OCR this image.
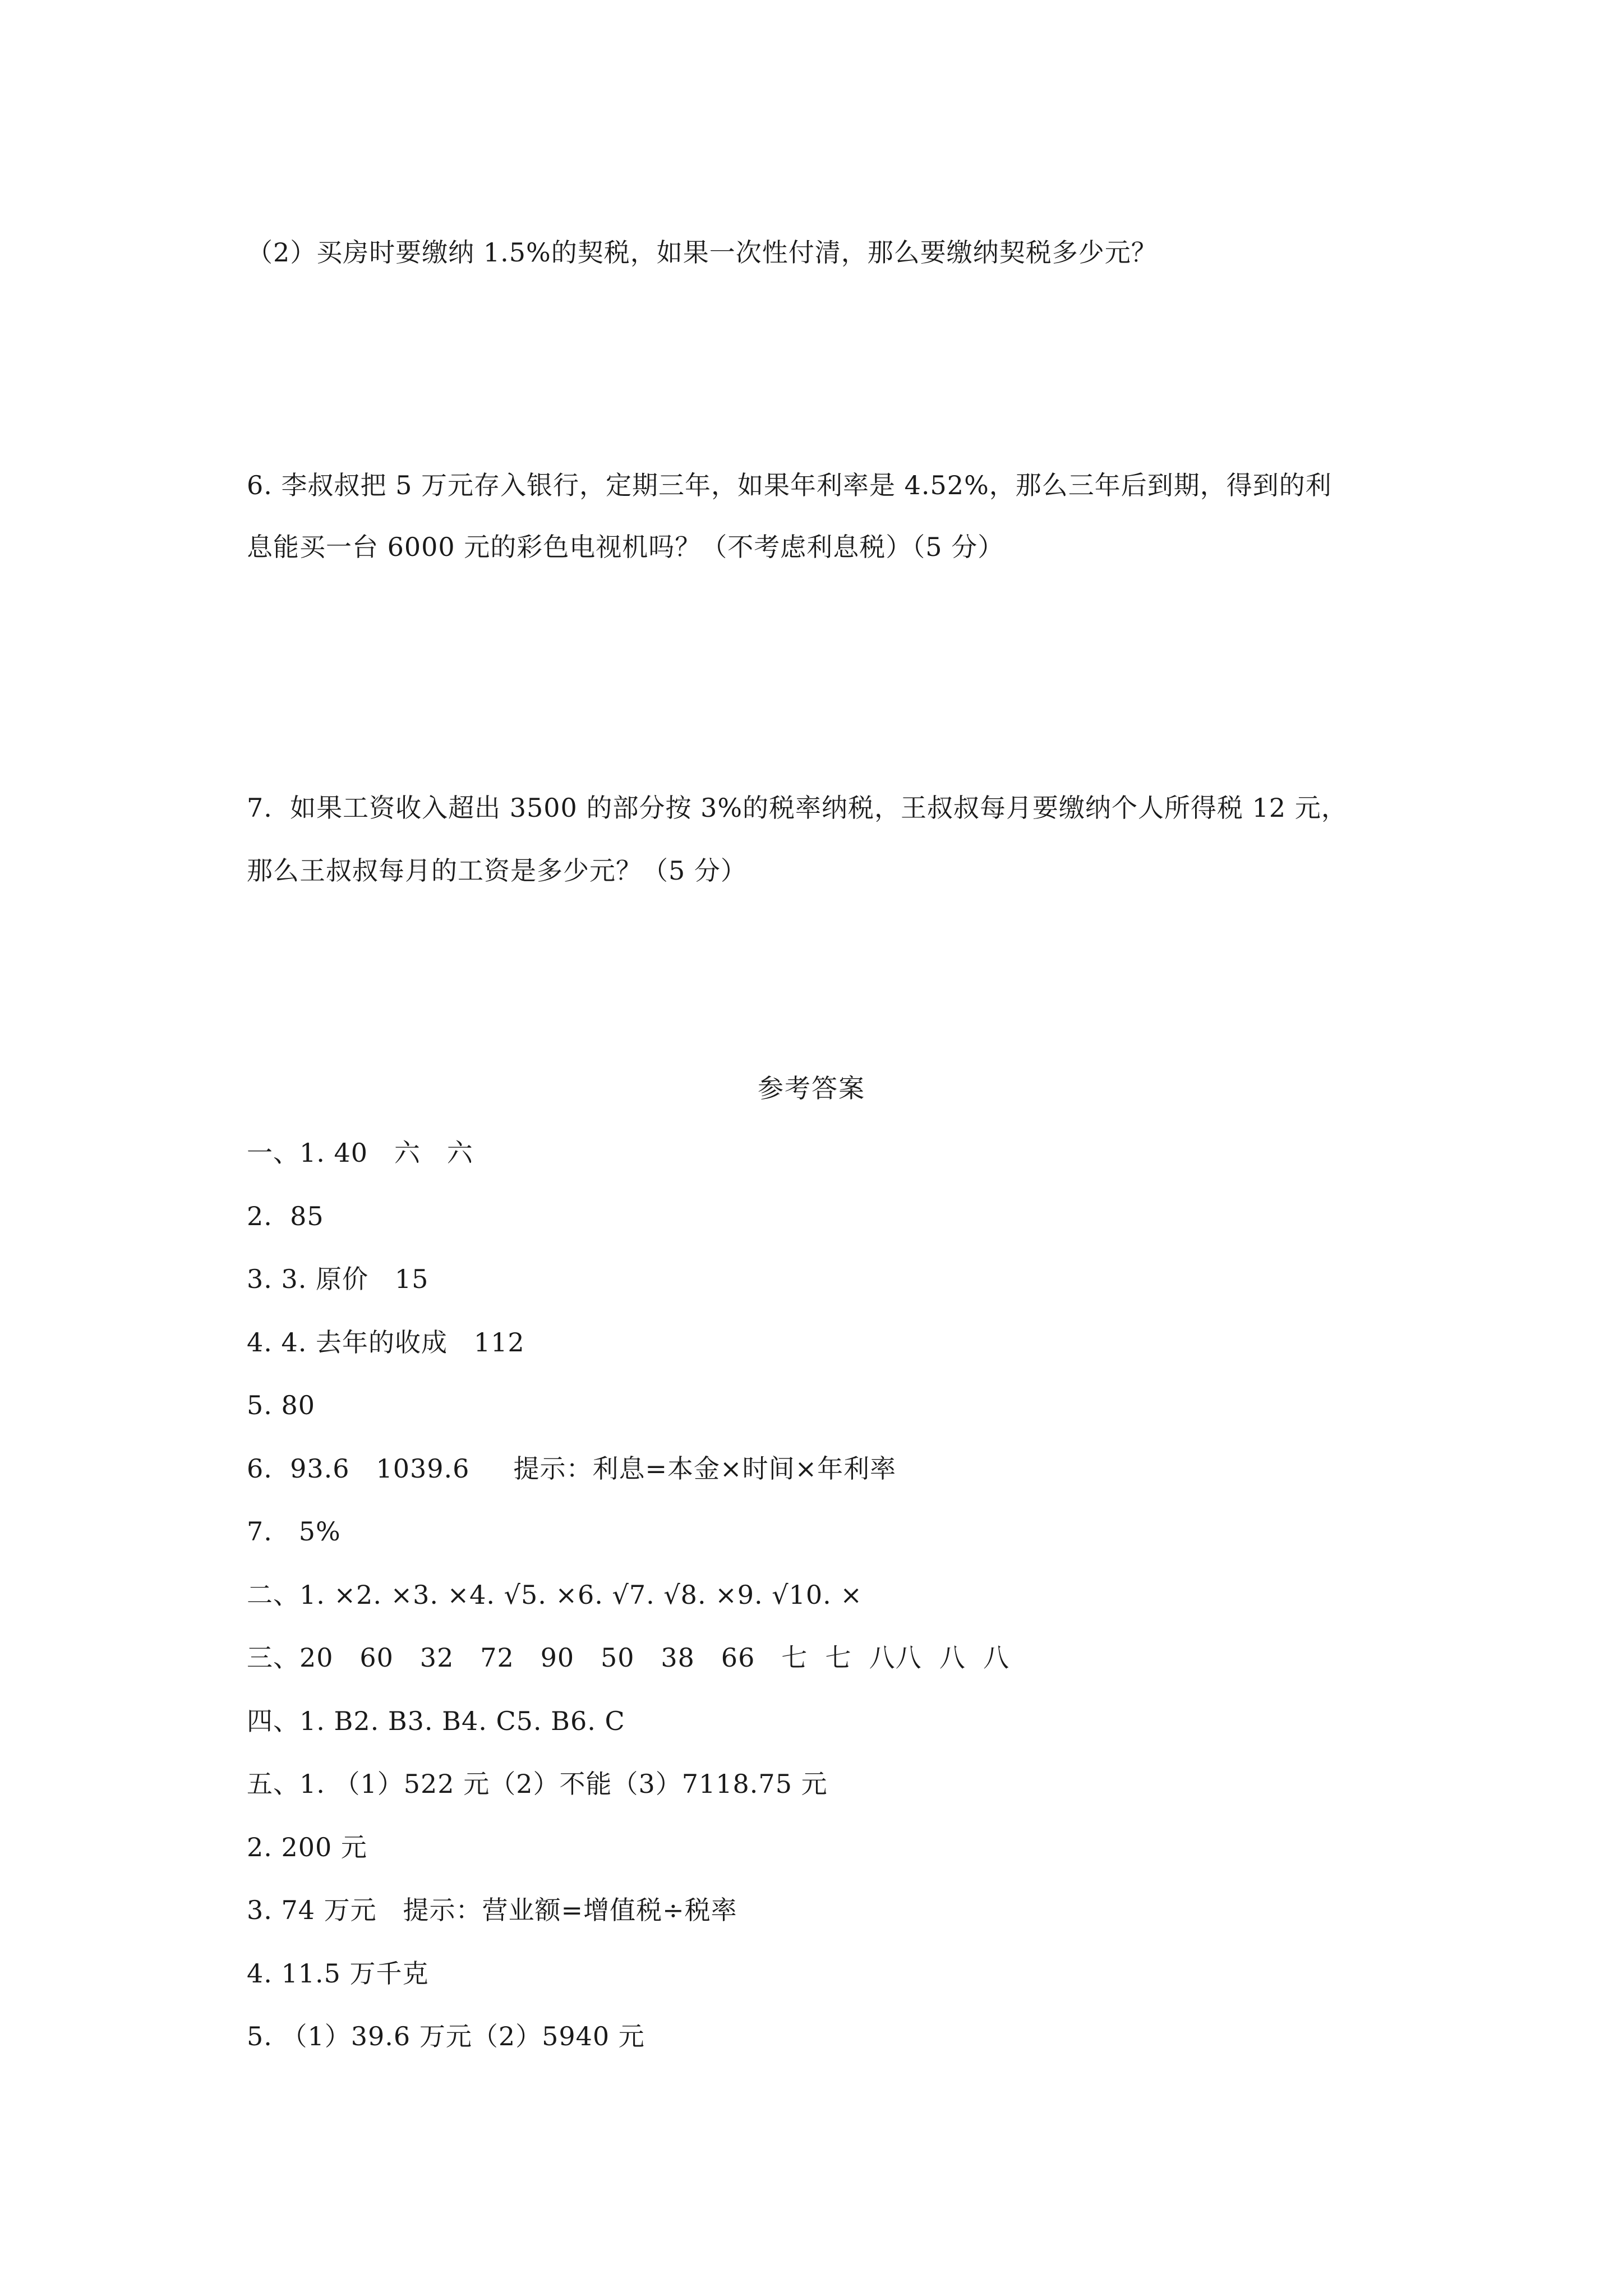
（2）买房时要缴纳 1.5%的契税，如果一次性付清，那么要缴纳契税多少元？
6. 李叔叔把 5 万元存入银行，定期三年，如果年利率是 4.52%，那么三年后到期，得到的利
息能买一台 6000 元的彩色电视机吗？（不考虑利息税）（5 分）
7.  如果工资收入超出 3500 的部分按 3%的税率纳税，王叔叔每月要缴纳个人所得税 12 元，
那么王叔叔每月的工资是多少元？（5 分）
参考答案
一、1. 40   六   六
2.  85
3. 3. 原价   15
4. 4. 去年的收成   112
5. 80
6.  93.6   1039.6     提示：利息=本金×时间×年利率
7.   5%
二、1. ×2. ×3. ×4. √5. ×6. √7. √8. ×9. √10. ×
三、20   60   32   72   90   50   38   66   七  七  八八  八  八
四、1. B2. B3. B4. C5. B6. C
五、1. （1）522 元（2）不能（3）7118.75 元
2. 200 元
3. 74 万元   提示：营业额=增值税÷税率
4. 11.5 万千克
5. （1）39.6 万元（2）5940 元
